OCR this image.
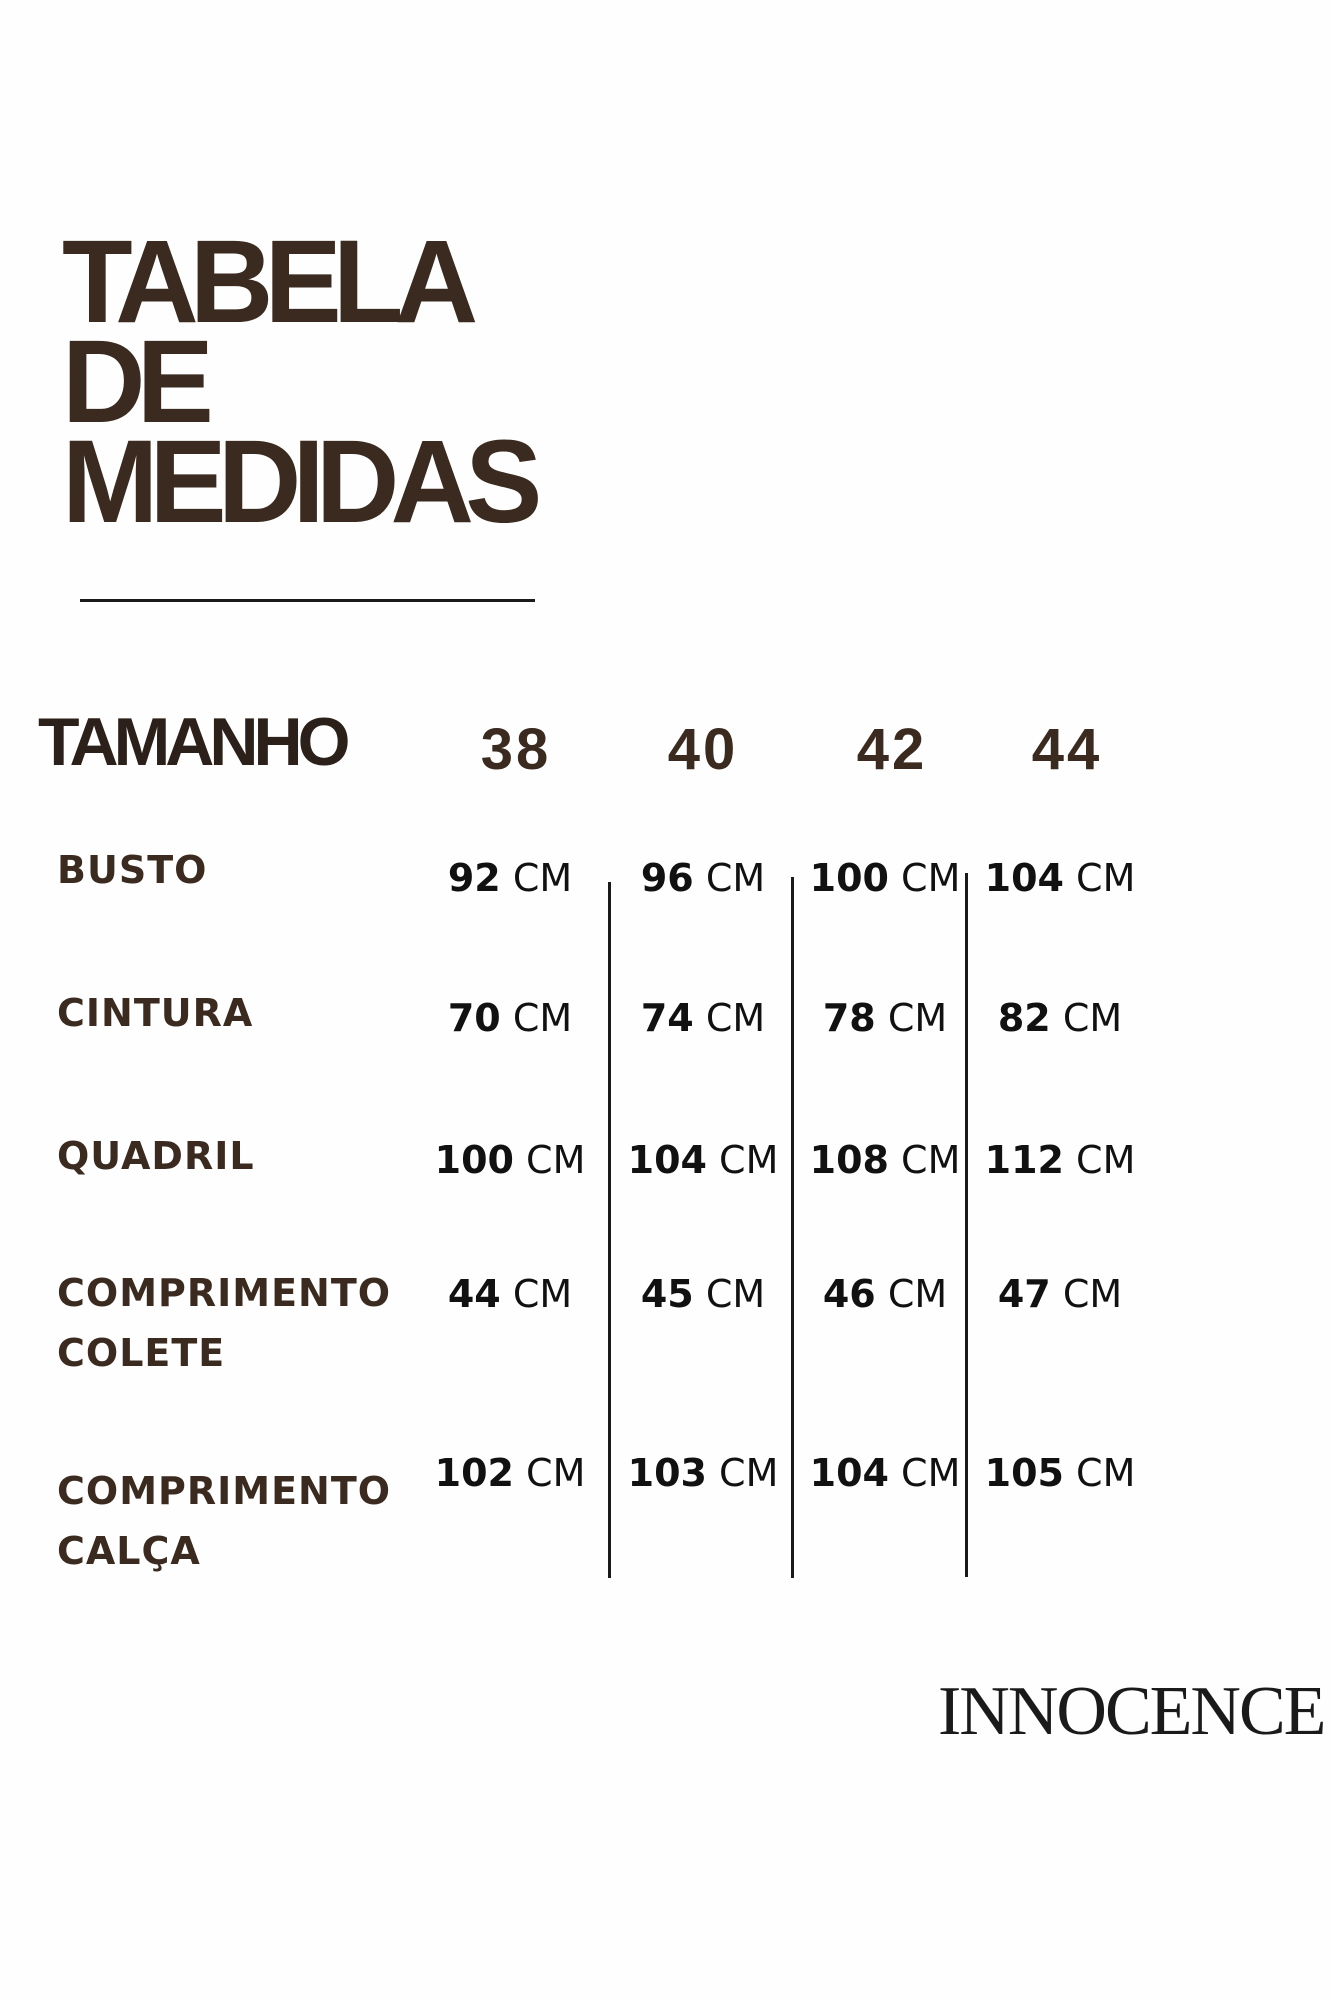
TABELA
DE
MEDIDAS
TAMANHO	38	40	42	44
BUSTO	92 CM	96 CM	100 CM 104 CM
CINTURA	70 CM	74 CM	78 CM	82 CM
QUADRIL	100 CM	104 CM 108 CM 112 CM
COMPRIMENTO
COLETE
44 CM	45 CM	46 CM	47 CM
COMPRIMENTO
CALÇA
102 CM	103 CM 104 CM 105 CM
INNOCENCE
